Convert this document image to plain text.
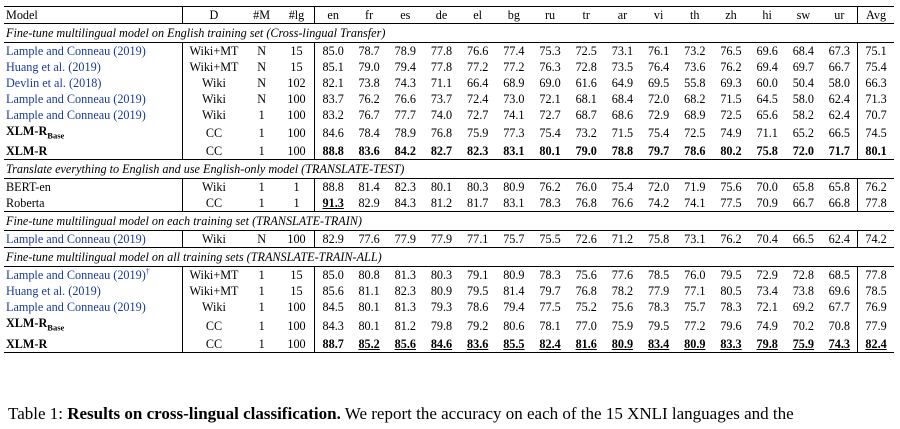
Model	D	#M	#lg	en	fr	es	de	el	bg	ru	tr	ar	vi	th	zh	hi	sw	ur	Avg
Fine-tune multilingual model on English training set (Cross-lingual Transfer)																			
Lample and Conneau (2019)	Wiki+MT	N	15	85.0	78.7	78.9	77.8	76.6	77.4	75.3	72.5	73.1	76.1	73.2	76.5	69.6	68.4	67.3	75.1
Huang et al. (2019)	Wiki+MT	N	15	85.1	79.0	79.4	77.8	77.2	77.2	76.3	72.8	73.5	76.4	73.6	76.2	69.4	69.7	66.7	75.4
Devlin et al. (2018)	Wiki	N	102	82.1	73.8	74.3	71.1	66.4	68.9	69.0	61.6	64.9	69.5	55.8	69.3	60.0	50.4	58.0	66.3
Lample and Conneau (2019)	Wiki	N	100	83.7	76.2	76.6	73.7	72.4	73.0	72.1	68.1	68.4	72.0	68.2	71.5	64.5	58.0	62.4	71.3
Lample and Conneau (2019)	Wiki	1	100	83.2	76.7	77.7	74.0	72.7	74.1	72.7	68.7	68.6	72.9	68.9	72.5	65.6	58.2	62.4	70.7
XLM-$R_{Base}$	CC	1	100	84.6	78.4	78.9	76.8	75.9	77.3	75.4	73.2	71.5	75.4	72.5	74.9	71.1	65.2	66.5	74.5
XLM-R	CC	1	100	88.8	83.6	84.2	82.7	82.3	83.1	80.1	79.0	78.8	79.7	78.6	80.2	75.8	72.0	71.7	80.1
Translate everything to English and use English-only model (TRANSLATE-TEST)																			
BERT-en	Wiki	1	1	88.8	81.4	82.3	80.1	80.3	80.9	76.2	76.0	75.4	72.0	71.9	75.6	70.0	65.8	65.8	76.2
Roberta	CC	1	1	91.3	82.9	84.3	81.2	81.7	83.1	78.3	76.8	76.6	74.2	74.1	77.5	70.9	66.7	66.8	77.8
Fine-tune multilingual model on each training set (TRANSLATE-TRAIN)																			
Lample and Conneau (2019)	Wiki	N	100	82.9	77.6	77.9	77.9	77.1	75.7	75.5	72.6	71.2	75.8	73.1	76.2	70.4	66.5	62.4	74.2
Fine-tune multilingual model on all training sets (TRANSLATE-TRAIN-ALL)																			
Lample and Conneau (2019)†	Wiki+MT	1	15	85.0	80.8	81.3	80.3	79.1	80.9	78.3	75.6	77.6	78.5	76.0	79.5	72.9	72.8	68.5	77.8
Huang et al. (2019)	Wiki+MT	1	15	85.6	81.1	82.3	80.9	79.5	81.4	79.7	76.8	78.2	77.9	77.1	80.5	73.4	73.8	69.6	78.5
Lample and Conneau (2019)	Wiki	1	100	84.5	80.1	81.3	79.3	78.6	79.4	77.5	75.2	75.6	78.3	75.7	78.3	72.1	69.2	67.7	76.9
XLM-$R_{Base}$	CC	1	100	84.3	80.1	81.2	79.8	79.2	80.6	78.1	77.0	75.9	79.5	77.2	79.6	74.9	70.2	70.8	77.9
XLM-R	CC	1	100	88.7	85.2	85.6	84.6	83.6	85.5	82.4	81.6	80.9	83.4	80.9	83.3	79.8	75.9	74.3	82.4
Table 1: Results on cross-lingual classification. We report the accuracy on each of the 15 XNLI languages and the
